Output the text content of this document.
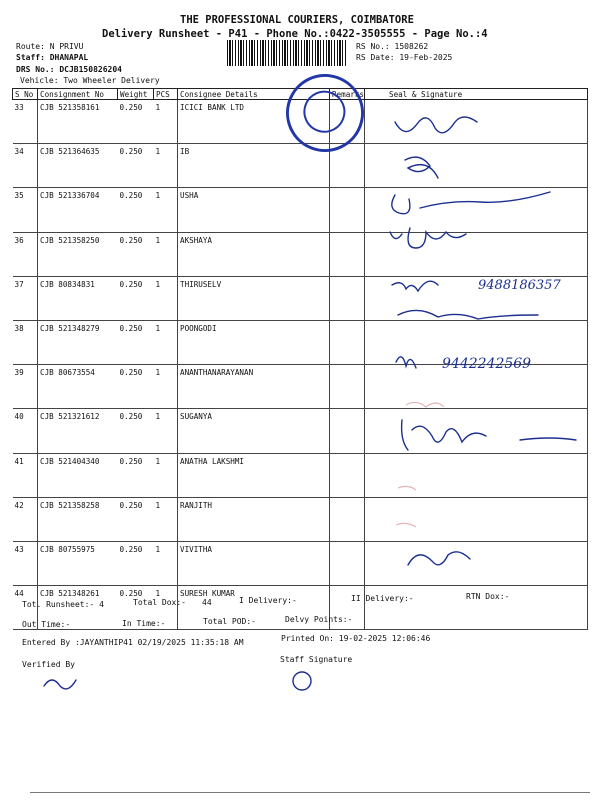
THE PROFESSIONAL COURIERS, COIMBATORE
Delivery Runsheet - P41 - Phone No.:0422-3505555 - Page No.:4
Route: N PRIVU
Staff: DHANAPAL
DRS No.: DCJB150826204
Vehicle: Two Wheeler Delivery
RS No.: 1508262
RS Date: 19-Feb-2025
S No	Consignment No	Weight	PCS	Consignee Details	Remarks	Seal & Signature
33	CJB 521358161	0.250	1	ICICI BANK LTD		
34	CJB 521364635	0.250	1	IB		
35	CJB 521336704	0.250	1	USHA		
36	CJB 521358250	0.250	1	AKSHAYA		
37	CJB 80834831	0.250	1	THIRUSELV		
38	CJB 521348279	0.250	1	POONGODI		
39	CJB 80673554	0.250	1	ANANTHANARAYANAN		
40	CJB 521321612	0.250	1	SUGANYA		
41	CJB 521404340	0.250	1	ANATHA LAKSHMI		
42	CJB 521358258	0.250	1	RANJITH		
43	CJB 80755975	0.250	1	VIVITHA		
44	CJB 521348261	0.250	1	SURESH KUMAR		
9488186357
9442242569
Tot. Runsheet:- 4	Total Dox:- 44	I Delivery:-	II Delivery:-	RTN Dox:-
Out Time:-	In Time:-	Total POD:-	Delvy Points:-
Entered By :JAYANTHIP41 02/19/2025 11:35:18 AM	Printed On: 19-02-2025 12:06:46
Verified By
Staff Signature
